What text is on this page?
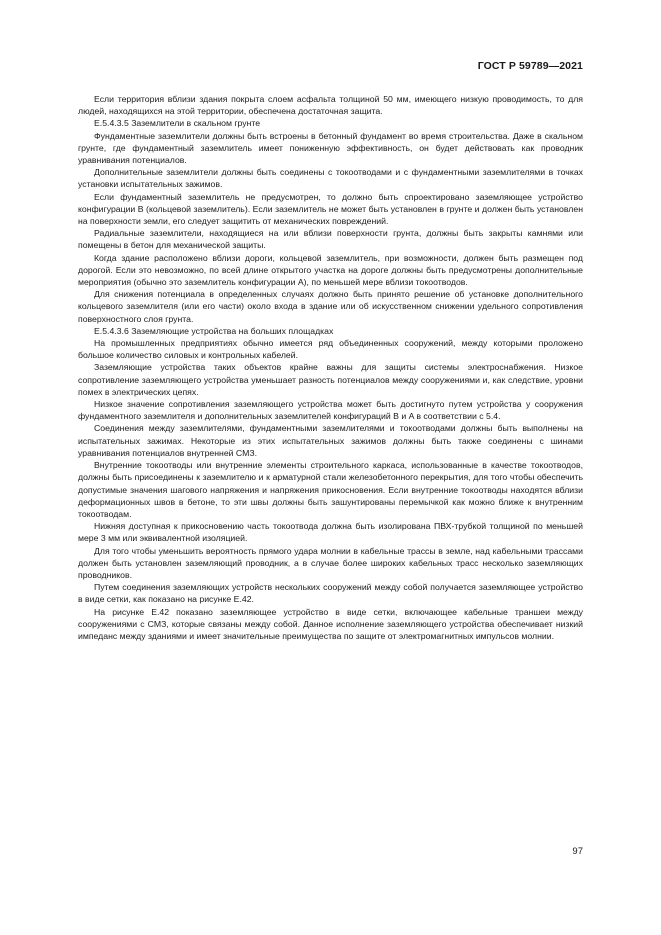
ГОСТ Р 59789—2021

Если территория вблизи здания покрыта слоем асфальта толщиной 50 мм, имеющего низкую проводимость, то для людей, находящихся на этой территории, обеспечена достаточная защита.

Е.5.4.3.5 Заземлители в скальном грунте

Фундаментные заземлители должны быть встроены в бетонный фундамент во время строительства. Даже в скальном грунте, где фундаментный заземлитель имеет пониженную эффективность, он будет действовать как проводник уравнивания потенциалов.

Дополнительные заземлители должны быть соединены с токоотводами и с фундаментными заземлителями в точках установки испытательных зажимов.

Если фундаментный заземлитель не предусмотрен, то должно быть спроектировано заземляющее устройство конфигурации B (кольцевой заземлитель). Если заземлитель не может быть установлен в грунте и должен быть установлен на поверхности земли, его следует защитить от механических повреждений.

Радиальные заземлители, находящиеся на или вблизи поверхности грунта, должны быть закрыты камнями или помещены в бетон для механической защиты.

Когда здание расположено вблизи дороги, кольцевой заземлитель, при возможности, должен быть размещен под дорогой. Если это невозможно, по всей длине открытого участка на дороге должны быть предусмотрены дополнительные мероприятия (обычно это заземлитель конфигурации A), по меньшей мере вблизи токоотводов.

Для снижения потенциала в определенных случаях должно быть принято решение об установке дополнительного кольцевого заземлителя (или его части) около входа в здание или об искусственном снижении удельного сопротивления поверхностного слоя грунта.

Е.5.4.3.6 Заземляющие устройства на больших площадках

На промышленных предприятиях обычно имеется ряд объединенных сооружений, между которыми проложено большое количество силовых и контрольных кабелей.

Заземляющие устройства таких объектов крайне важны для защиты системы электроснабжения. Низкое сопротивление заземляющего устройства уменьшает разность потенциалов между сооружениями и, как следствие, уровни помех в электрических цепях.

Низкое значение сопротивления заземляющего устройства может быть достигнуто путем устройства у сооружения фундаментного заземлителя и дополнительных заземлителей конфигураций B и A в соответствии с 5.4.

Соединения между заземлителями, фундаментными заземлителями и токоотводами должны быть выполнены на испытательных зажимах. Некоторые из этих испытательных зажимов должны быть также соединены с шинами уравнивания потенциалов внутренней СМЗ.

Внутренние токоотводы или внутренние элементы строительного каркаса, использованные в качестве токоотводов, должны быть присоединены к заземлителю и к арматурной стали железобетонного перекрытия, для того чтобы обеспечить допустимые значения шагового напряжения и напряжения прикосновения. Если внутренние токоотводы находятся вблизи деформационных швов в бетоне, то эти швы должны быть зашунтированы перемычкой как можно ближе к внутренним токоотводам.

Нижняя доступная к прикосновению часть токоотвода должна быть изолирована ПВХ-трубкой толщиной по меньшей мере 3 мм или эквивалентной изоляцией.

Для того чтобы уменьшить вероятность прямого удара молнии в кабельные трассы в земле, над кабельными трассами должен быть установлен заземляющий проводник, а в случае более широких кабельных трасс несколько заземляющих проводников.

Путем соединения заземляющих устройств нескольких сооружений между собой получается заземляющее устройство в виде сетки, как показано на рисунке Е.42.

На рисунке Е.42 показано заземляющее устройство в виде сетки, включающее кабельные траншеи между сооружениями с СМЗ, которые связаны между собой. Данное исполнение заземляющего устройства обеспечивает низкий импеданс между зданиями и имеет значительные преимущества по защите от электромагнитных импульсов молнии.

97
